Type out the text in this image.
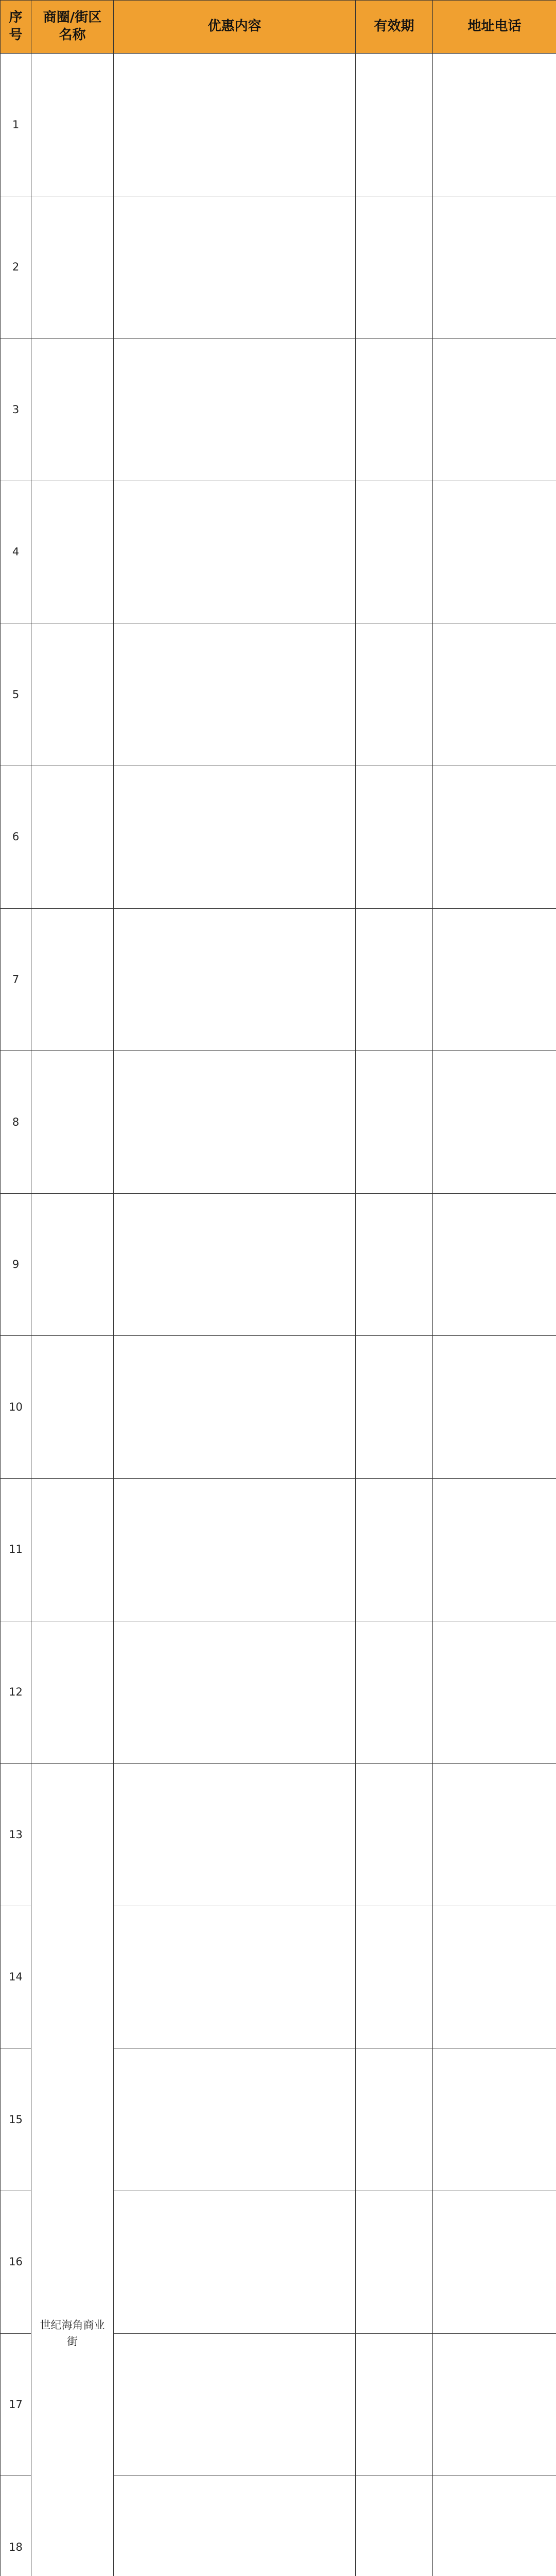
序号	商圈/街区名称	优惠内容	有效期	地址电话
1				
2				
3				
4				
5				
6				
7				
8				
9				
10				
11				
12				
13	世纪海角商业街			
14				
15				
16				
17				
18				
